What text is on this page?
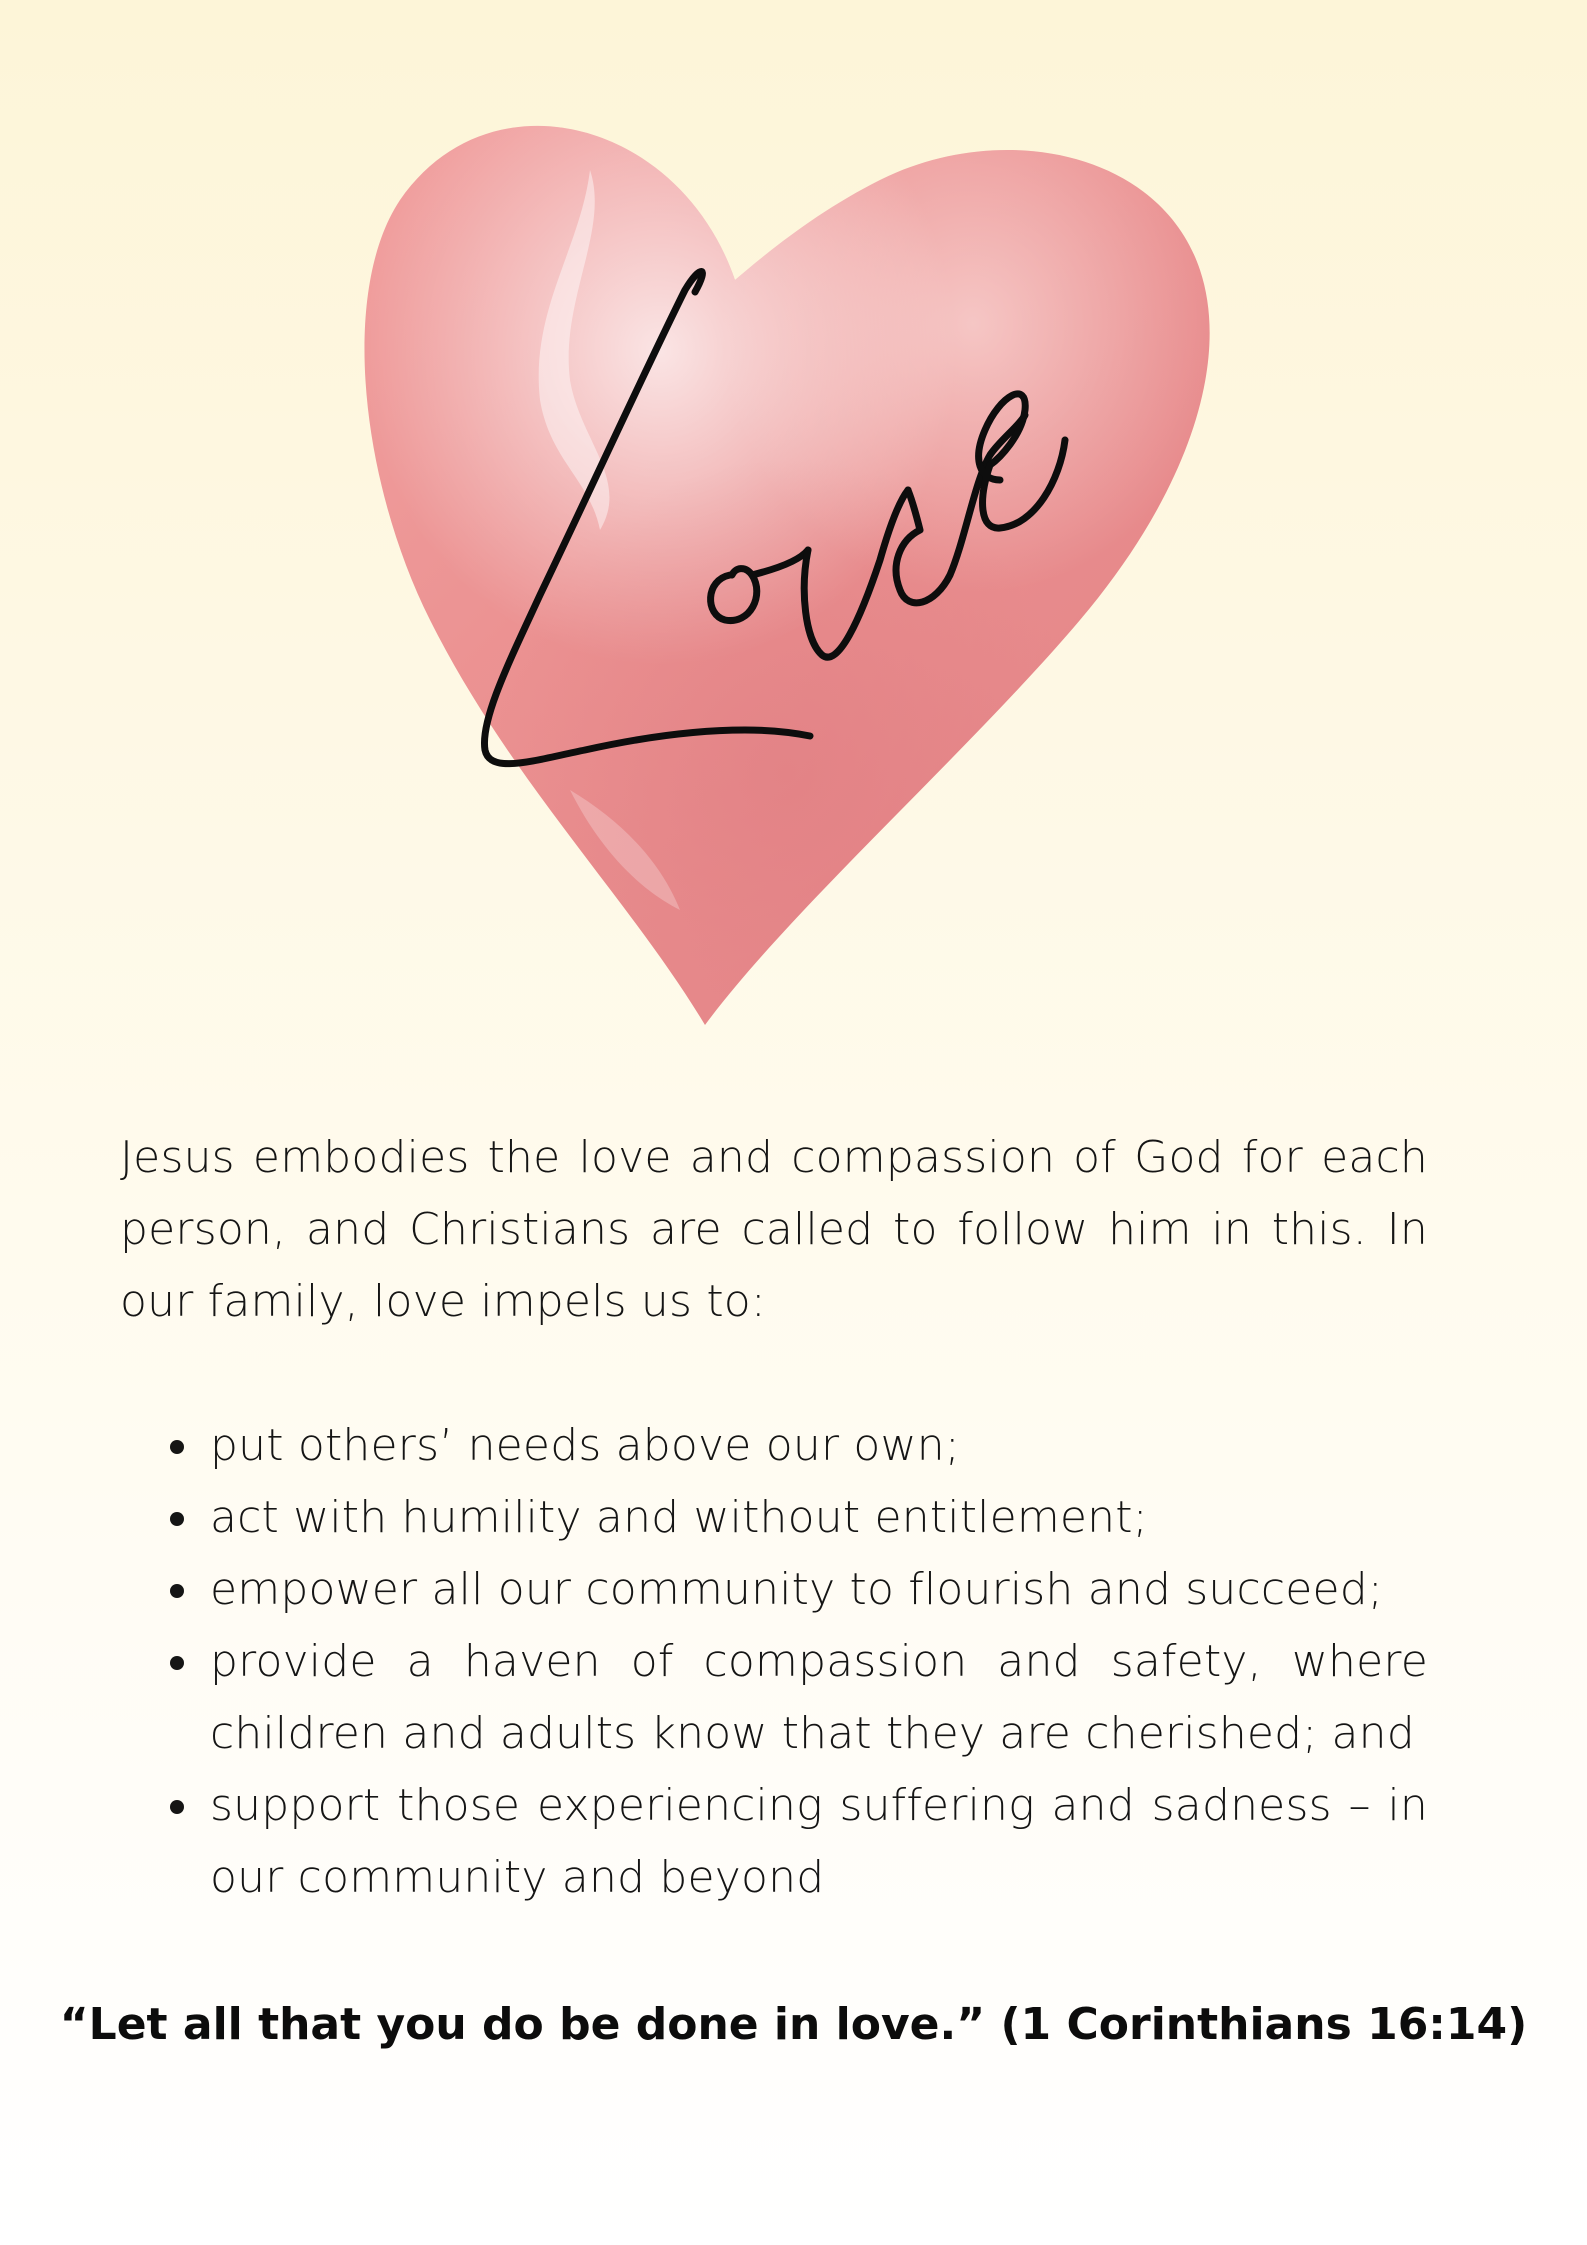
Jesus embodies the love and compassion of God for each person, and Christians are called to follow him in this. In our family, love impels us to:

put others’ needs above our own;
act with humility and without entitlement;
empower all our community to flourish and succeed;
provide a haven of compassion and safety, where children and adults know that they are cherished; and
support those experiencing suffering and sadness – in our community and beyond

“Let all that you do be done in love.” (1 Corinthians 16:14)
